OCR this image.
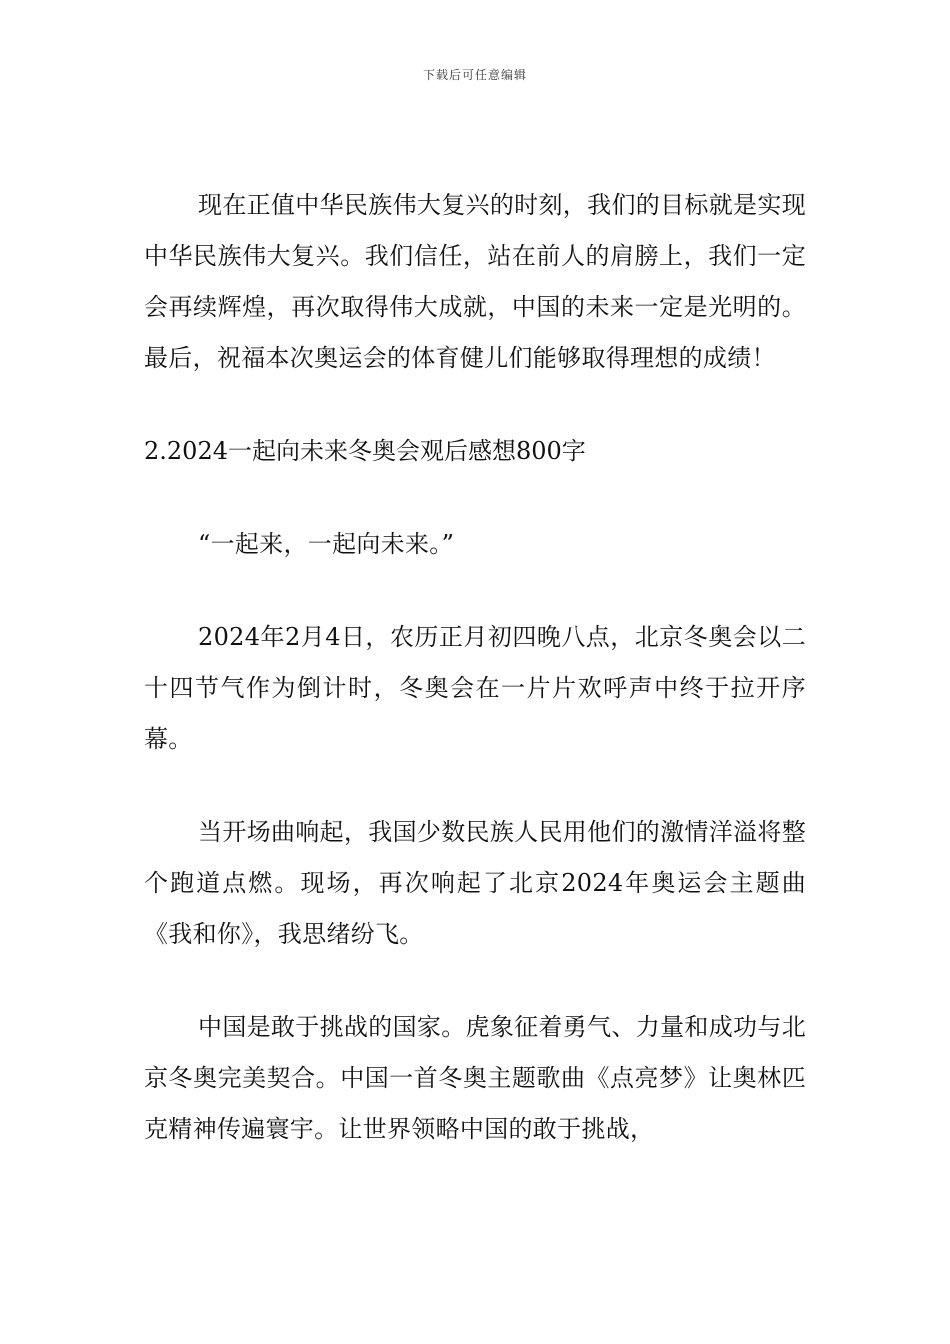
下载后可任意编辑

现在正值中华民族伟大复兴的时刻，我们的目标就是实现中华民族伟大复兴。我们信任，站在前人的肩膀上，我们一定会再续辉煌，再次取得伟大成就，中国的未来一定是光明的。最后，祝福本次奥运会的体育健儿们能够取得理想的成绩！

2.2024一起向未来冬奥会观后感想800字

“一起来，一起向未来。”

2024年2月4日，农历正月初四晚八点，北京冬奥会以二十四节气作为倒计时，冬奥会在一片片欢呼声中终于拉开序幕。

当开场曲响起，我国少数民族人民用他们的激情洋溢将整个跑道点燃。现场，再次响起了北京2024年奥运会主题曲《我和你》，我思绪纷飞。

中国是敢于挑战的国家。虎象征着勇气、力量和成功与北京冬奥完美契合。中国一首冬奥主题歌曲《点亮梦》让奥林匹克精神传遍寰宇。让世界领略中国的敢于挑战，
